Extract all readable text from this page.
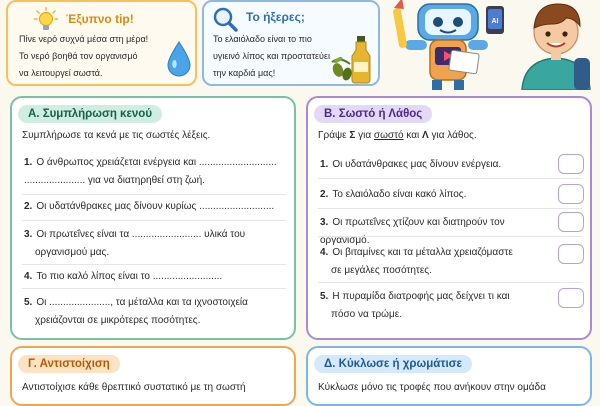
Έξυπνο tip!
Πίνε νερό συχνά μέσα στη μέρα!
Το νερό βοηθά τον οργανισμό
να λειτουργεί σωστά.
Το ήξερες;
Το ελαιόλαδο είναι το πιο
υγιεινό λίπος και προστατεύει
την καρδιά μας!
AI
Α. Συμπλήρωση κενού
Συμπλήρωσε τα κενά με τις σωστές λέξεις.
1. Ο άνθρωπος χρειάζεται ενέργεια και ............................
...................... για να διατηρηθεί στη ζωή.
2. Οι υδατάνθρακες μας δίνουν κυρίως ...........................
3. Οι πρωτεΐνες είναι τα ......................... υλικά του
οργανισμού μας.
4. Το πιο καλό λίπος είναι το .........................
5. Οι ......................, τα μέταλλα και τα ιχνοστοιχεία
χρειάζονται σε μικρότερες ποσότητες.
Β. Σωστό ή Λάθος
Γράψε Σ για σωστό και Λ για λάθος.
1. Οι υδατάνθρακες μας δίνουν ενέργεια.
2. Το ελαιόλαδο είναι κακό λίπος.
3. Οι πρωτεΐνες χτίζουν και διατηρούν τον οργανισμό.
4. Οι βιταμίνες και τα μέταλλα χρειαζόμαστε
σε μεγάλες ποσότητες.
5. Η πυραμίδα διατροφής μας δείχνει τι και
πόσο να τρώμε.
Γ. Αντιστοίχιση
Αντιστοίχισε κάθε θρεπτικό συστατικό με τη σωστή
Δ. Κύκλωσε ή χρωμάτισε
Κύκλωσε μόνο τις τροφές που ανήκουν στην ομάδα
